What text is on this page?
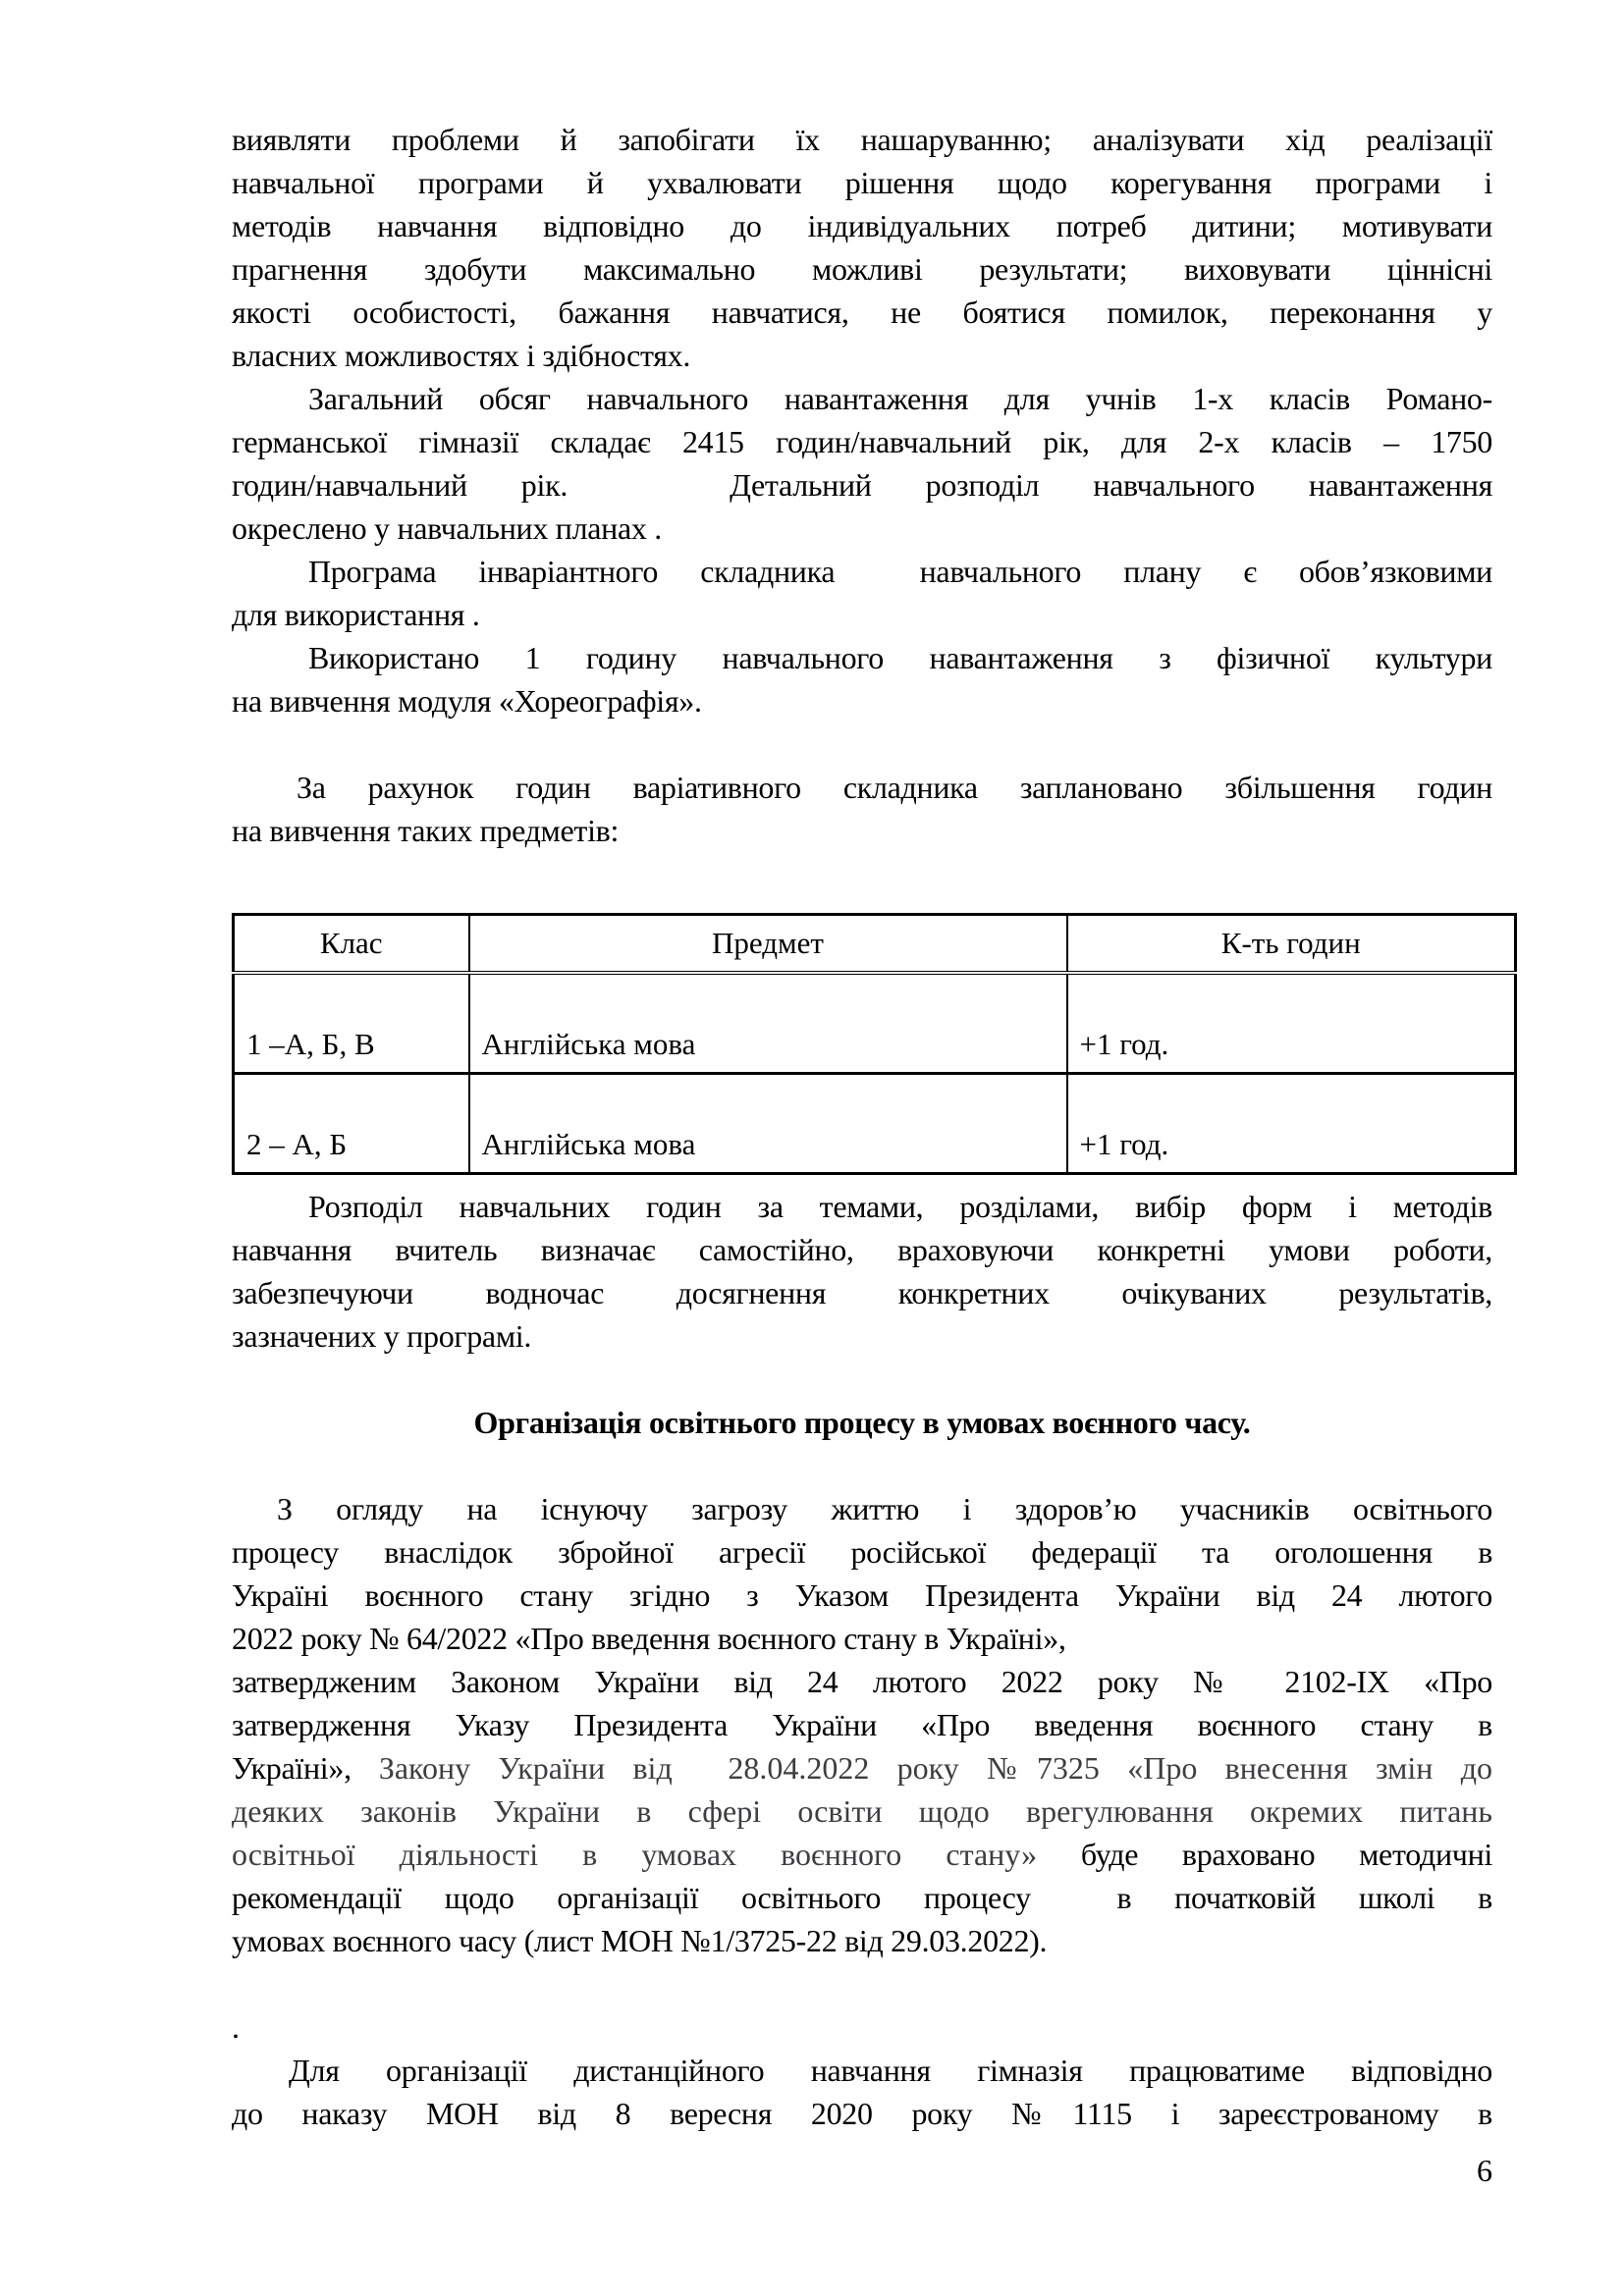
виявляти проблеми й запобігати їх нашаруванню; аналізувати хід реалізації
навчальної програми й ухвалювати рішення щодо корегування програми і
методів навчання відповідно до індивідуальних потреб дитини; мотивувати
прагнення здобути максимально можливі результати; виховувати ціннісні
якості особистості, бажання навчатися, не боятися помилок, переконання у
власних можливостях і здібностях.
Загальний обсяг навчального навантаження для учнів 1-х класів Романо-
германської гімназії складає 2415 годин/навчальний рік, для 2-х класів – 1750
годин/навчальний рік.   Детальний розподіл навчального навантаження
окреслено у навчальних планах .
Програма інваріантного складника  навчального плану є обов’язковими
для використання .
Використано 1 годину навчального навантаження з фізичної культури
на вивчення модуля «Хореографія».
За рахунок годин варіативного складника заплановано збільшення годин
на вивчення таких предметів:
Клас	Предмет	К-ть годин
1 –А, Б, В	Англійська мова	+1 год.
2 – А, Б	Англійська мова	+1 год.
Розподіл навчальних годин за темами, розділами, вибір форм і методів
навчання вчитель визначає самостійно, враховуючи конкретні умови роботи,
забезпечуючи водночас досягнення конкретних очікуваних результатів,
зазначених у програмі.
Організація освітнього процесу в умовах воєнного часу.
З огляду на існуючу загрозу життю і здоров’ю учасників освітнього
процесу внаслідок збройної агресії російської федерації та оголошення в
Україні воєнного стану згідно з Указом Президента України від 24 лютого
2022 року № 64/2022 «Про введення воєнного стану в Україні»,
затвердженим Законом України від 24 лютого 2022 року № 2102-IX «Про
затвердження Указу Президента України «Про введення воєнного стану в
Україні», Закону України від  28.04.2022 року №7325 «Про внесення змін до
деяких законів України в сфері освіти щодо врегулювання окремих питань
освітньої діяльності в умовах воєнного стану» буде враховано методичні
рекомендації щодо організації освітнього процесу  в початковій школі в
умовах воєнного часу (лист МОН №1/3725-22 від 29.03.2022).
.
Для організації дистанційного навчання гімназія працюватиме відповідно
до наказу МОН від 8 вересня 2020 року №1115 і зареєстрованому в
6
